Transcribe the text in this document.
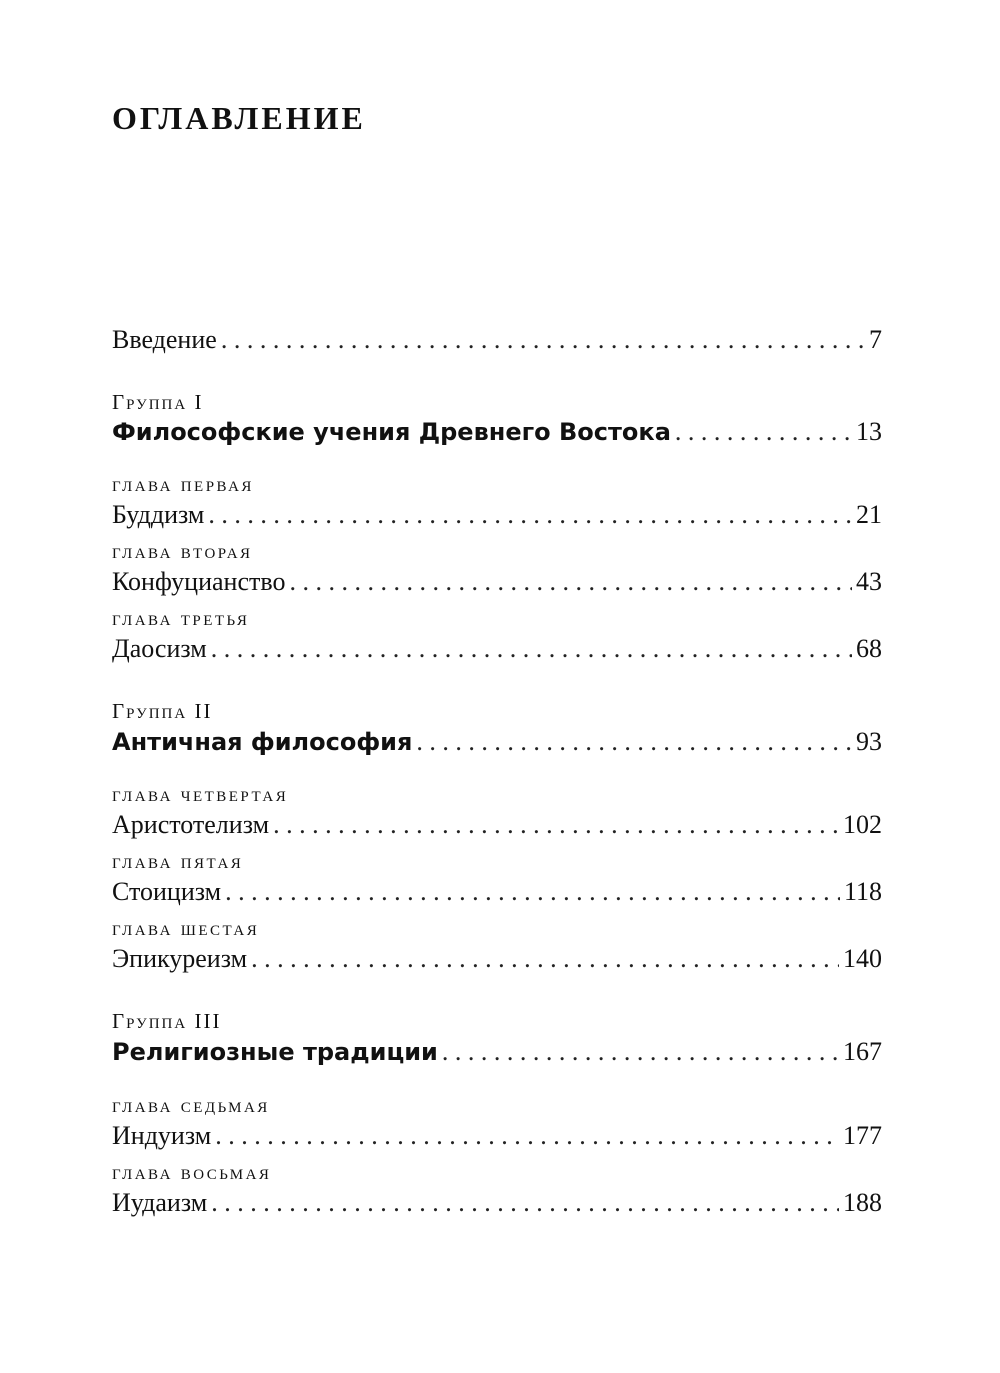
оглавление
Введение . . .	7
Группа I
Философские учения Древнего Востока . . .	13
глава первая
Буддизм . . .	21
глава вторая
Конфуцианство . . .	43
глава третья
Даосизм . . .	68
Группа II
Античная философия . . .	93
глава четвертая
Аристотелизм . . .	102
глава пятая
Стоицизм . . .	118
глава шестая
Эпикуреизм . . .	140
Группа III
Религиозные традиции . . .	167
глава седьмая
Индуизм . . .	177
глава восьмая
Иудаизм . . .	188
